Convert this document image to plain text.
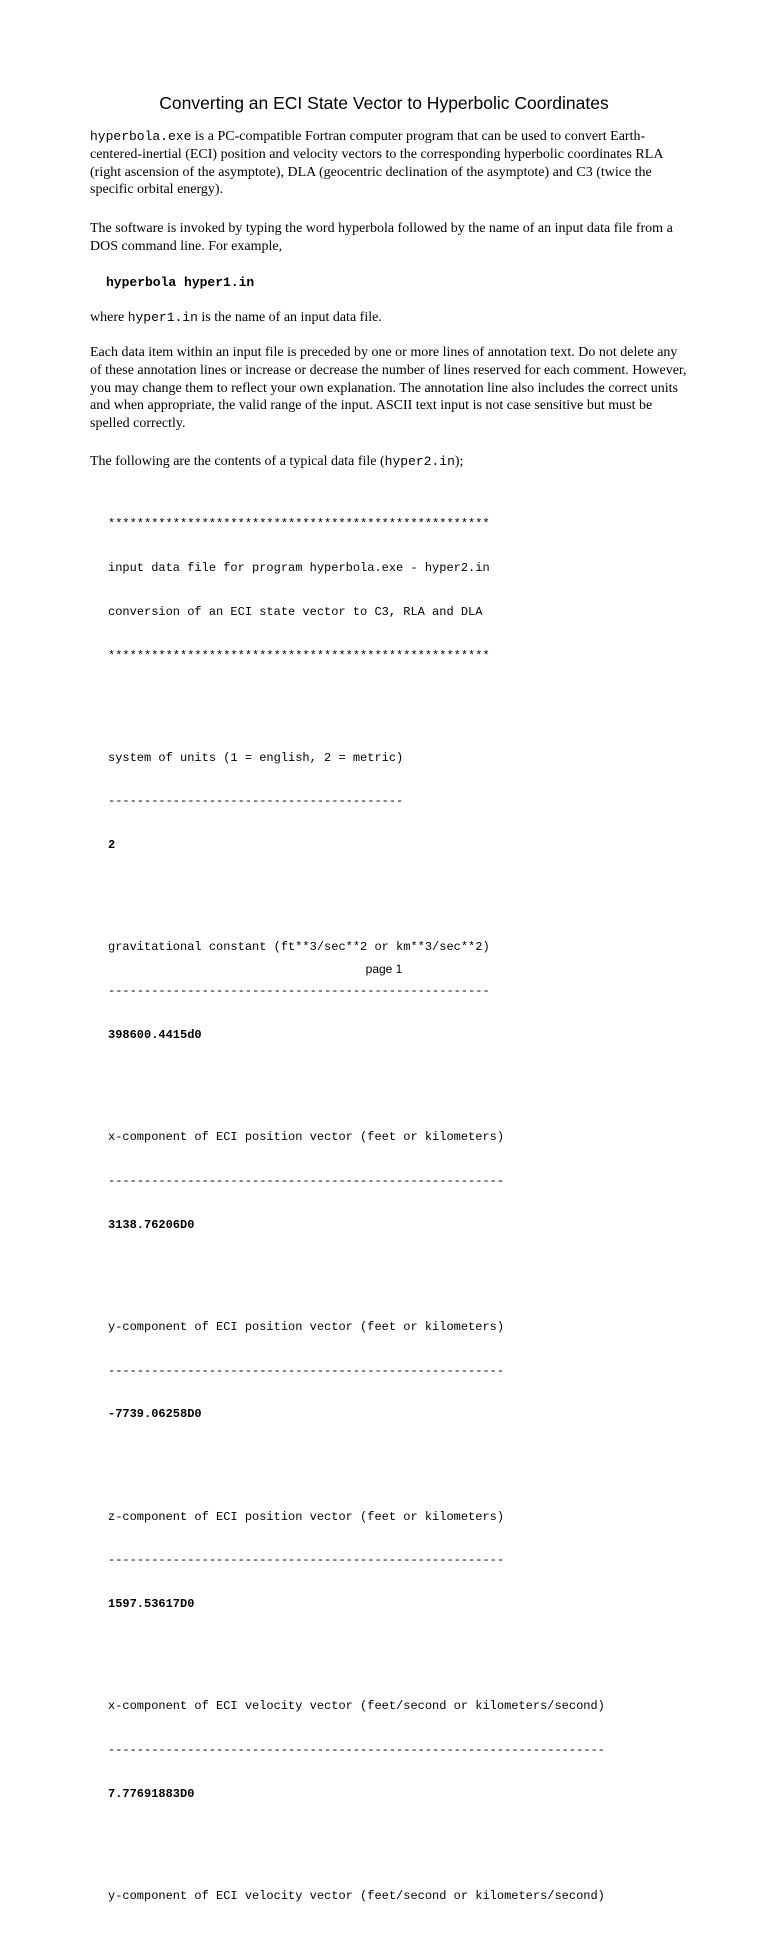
Converting an ECI State Vector to Hyperbolic Coordinates

hyperbola.exe is a PC-compatible Fortran computer program that can be used to convert Earth-centered-inertial (ECI) position and velocity vectors to the corresponding hyperbolic coordinates RLA (right ascension of the asymptote), DLA (geocentric declination of the asymptote) and C3 (twice the specific orbital energy).

The software is invoked by typing the word hyperbola followed by the name of an input data file from a DOS command line. For example,

hyperbola hyper1.in

where hyper1.in is the name of an input data file.

Each data item within an input file is preceded by one or more lines of annotation text. Do not delete any of these annotation lines or increase or decrease the number of lines reserved for each comment. However, you may change them to reflect your own explanation. The annotation line also includes the correct units and when appropriate, the valid range of the input. ASCII text input is not case sensitive but must be spelled correctly.

The following are the contents of a typical data file (hyper2.in);

*****************************************************

input data file for program hyperbola.exe - hyper2.in

conversion of an ECI state vector to C3, RLA and DLA

*****************************************************

system of units (1 = english, 2 = metric)

-----------------------------------------

2

gravitational constant (ft**3/sec**2 or km**3/sec**2)

-----------------------------------------------------

398600.4415d0

x-component of ECI position vector (feet or kilometers)

-------------------------------------------------------

3138.76206D0

y-component of ECI position vector (feet or kilometers)

-------------------------------------------------------

-7739.06258D0

z-component of ECI position vector (feet or kilometers)

-------------------------------------------------------

1597.53617D0

x-component of ECI velocity vector (feet/second or kilometers/second)

---------------------------------------------------------------------

7.77691883D0

y-component of ECI velocity vector (feet/second or kilometers/second)

page 1
